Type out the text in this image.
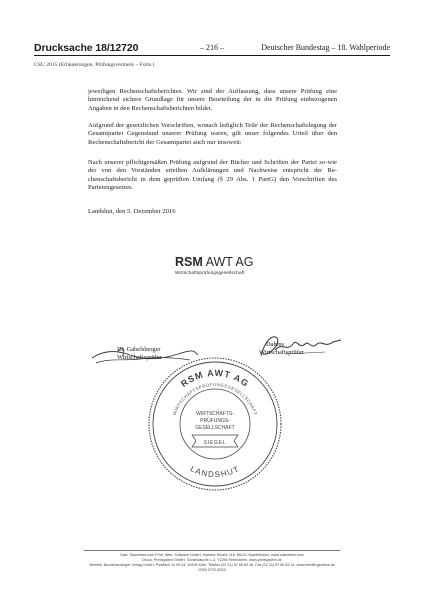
Drucksache 18/12720	– 216 –	Deutscher Bundestag – 18. Wahlperiode
CSU 2015 (Erläuterungen, Prüfungsvermerk – Forts.)

jeweiligen Rechenschaftsberichtes. Wir sind der Auffassung, dass unsere Prüfung eine hinreichend sichere Grundlage für unsere Beurteilung der in die Prüfung einbezogenen Angaben in den Rechenschaftsberichten bildet.

Aufgrund der gesetzlichen Vorschriften, wonach lediglich Teile der Rechenschaftslegung der Gesamtpartei Gegenstand unserer Prüfung waren, gilt unser folgendes Urteil über den Rechenschaftsbericht der Gesamtpartei auch nur insoweit:

Nach unserer pflichtgemäßen Prüfung aufgrund der Bücher und Schriften der Partei so-wie der von den Vorständen erteilten Aufklärungen und Nachweise entspricht der Re-chenschaftsbericht in dem geprüften Umfang (§ 29 Abs. 1 PartG) den Vorschriften des Parteiengesetzes.

Landshut, den 5. Dezember 2016

RSM AWT AG
Wirtschaftsprüfungsgesellschaft
Dr. Gabelsberger
Wirtschaftsprüfer
Dahms
Wirtschaftsprüfer
RSM AWT AG
WIRTSCHAFTSPRÜFUNGSGESELLSCHAFT
LANDSHUT
WIRTSCHAFTS-
PRÜFUNGS-
GESELLSCHAFT
SIEGEL
Satz: Satzweiss.com Print, Web, Software GmbH, Mainzer Straße 116, 66121 Saarbrücken, www.satzweiss.com
Druck: Printsystem GmbH, Schafwäsche 1-3, 71296 Heimsheim, www.printsystem.de
Vertrieb: Bundesanzeiger Verlag GmbH, Postfach 10 05 34, 50445 Köln, Telefon (02 21) 97 66 83 40, Fax (02 21) 97 66 83 44, www.betrifft-gesetze.de
ISSN 0722-8333
